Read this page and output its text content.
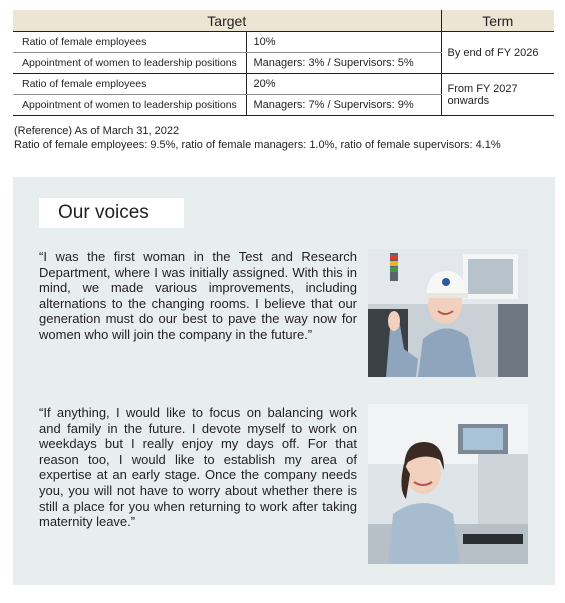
Target		Term
Ratio of female employees	10%	By end of FY 2026
Appointment of women to leadership positions	Managers: 3% / Supervisors: 5%	
Ratio of female employees	20%	From FY 2027 onwards
Appointment of women to leadership positions	Managers: 7% / Supervisors: 9%	
(Reference) As of March 31, 2022
Ratio of female employees: 9.5%, ratio of female managers: 1.0%, ratio of female supervisors: 4.1%
Our voices
“I was the first woman in the Test and Research Department, where I was initially assigned. With this in mind, we made various improvements, including alternations to the changing rooms. I believe that our generation must do our best to pave the way now for women who will join the company in the future.”
“If anything, I would like to focus on balancing work and family in the future. I devote myself to work on weekdays but I really enjoy my days off. For that reason too, I would like to establish my area of expertise at an early stage. Once the company needs you, you will not have to worry about whether there is still a place for you when returning to work after taking maternity leave.”
